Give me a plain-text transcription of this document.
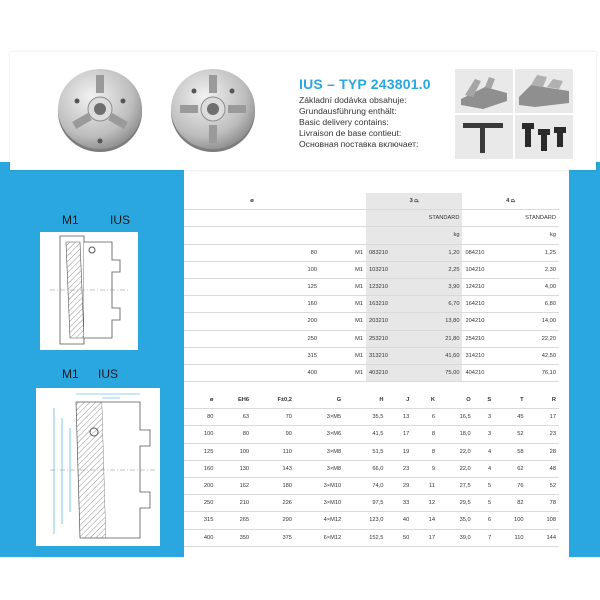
IUS – TYP 243801.0
Základní dodávka obsahuje:
Grundausführung enthält:
Basic delivery contains:
Livraison de base contieut:
Основная поставка включает:
M1	IUS
M1 IUS
ø		3 ⏢		4 ⏢	
		STANDARD		STANDARD	
			kg		kg
80	M1	083210	1,20	084210	1,25
100	M1	103210	2,25	104210	2,30
125	M1	123210	3,90	124210	4,00
160	M1	163210	6,70	164210	6,80
200	M1	203210	13,80	204210	14,00
250	M1	253210	21,80	254210	22,20
315	M1	313210	41,60	314210	42,50
400	M1	403210	75,00	404210	76,10
ø	EH6	F±0,2	G	H	J	K	O	S	T	R
80	63	70	3×M5	35,5	13	6	16,5	3	45	17
100	80	90	3×M6	41,5	17	8	18,0	3	52	23
125	100	110	3×M8	51,5	19	8	22,0	4	58	28
160	130	143	3×M8	66,0	23	9	22,0	4	62	48
200	162	180	3×M10	74,0	29	11	27,5	5	76	52
250	210	226	3×M10	97,5	33	12	29,5	5	82	78
315	265	290	4×M12	123,0	40	14	35,0	6	100	108
400	350	375	6×M12	152,5	50	17	39,0	7	110	144
